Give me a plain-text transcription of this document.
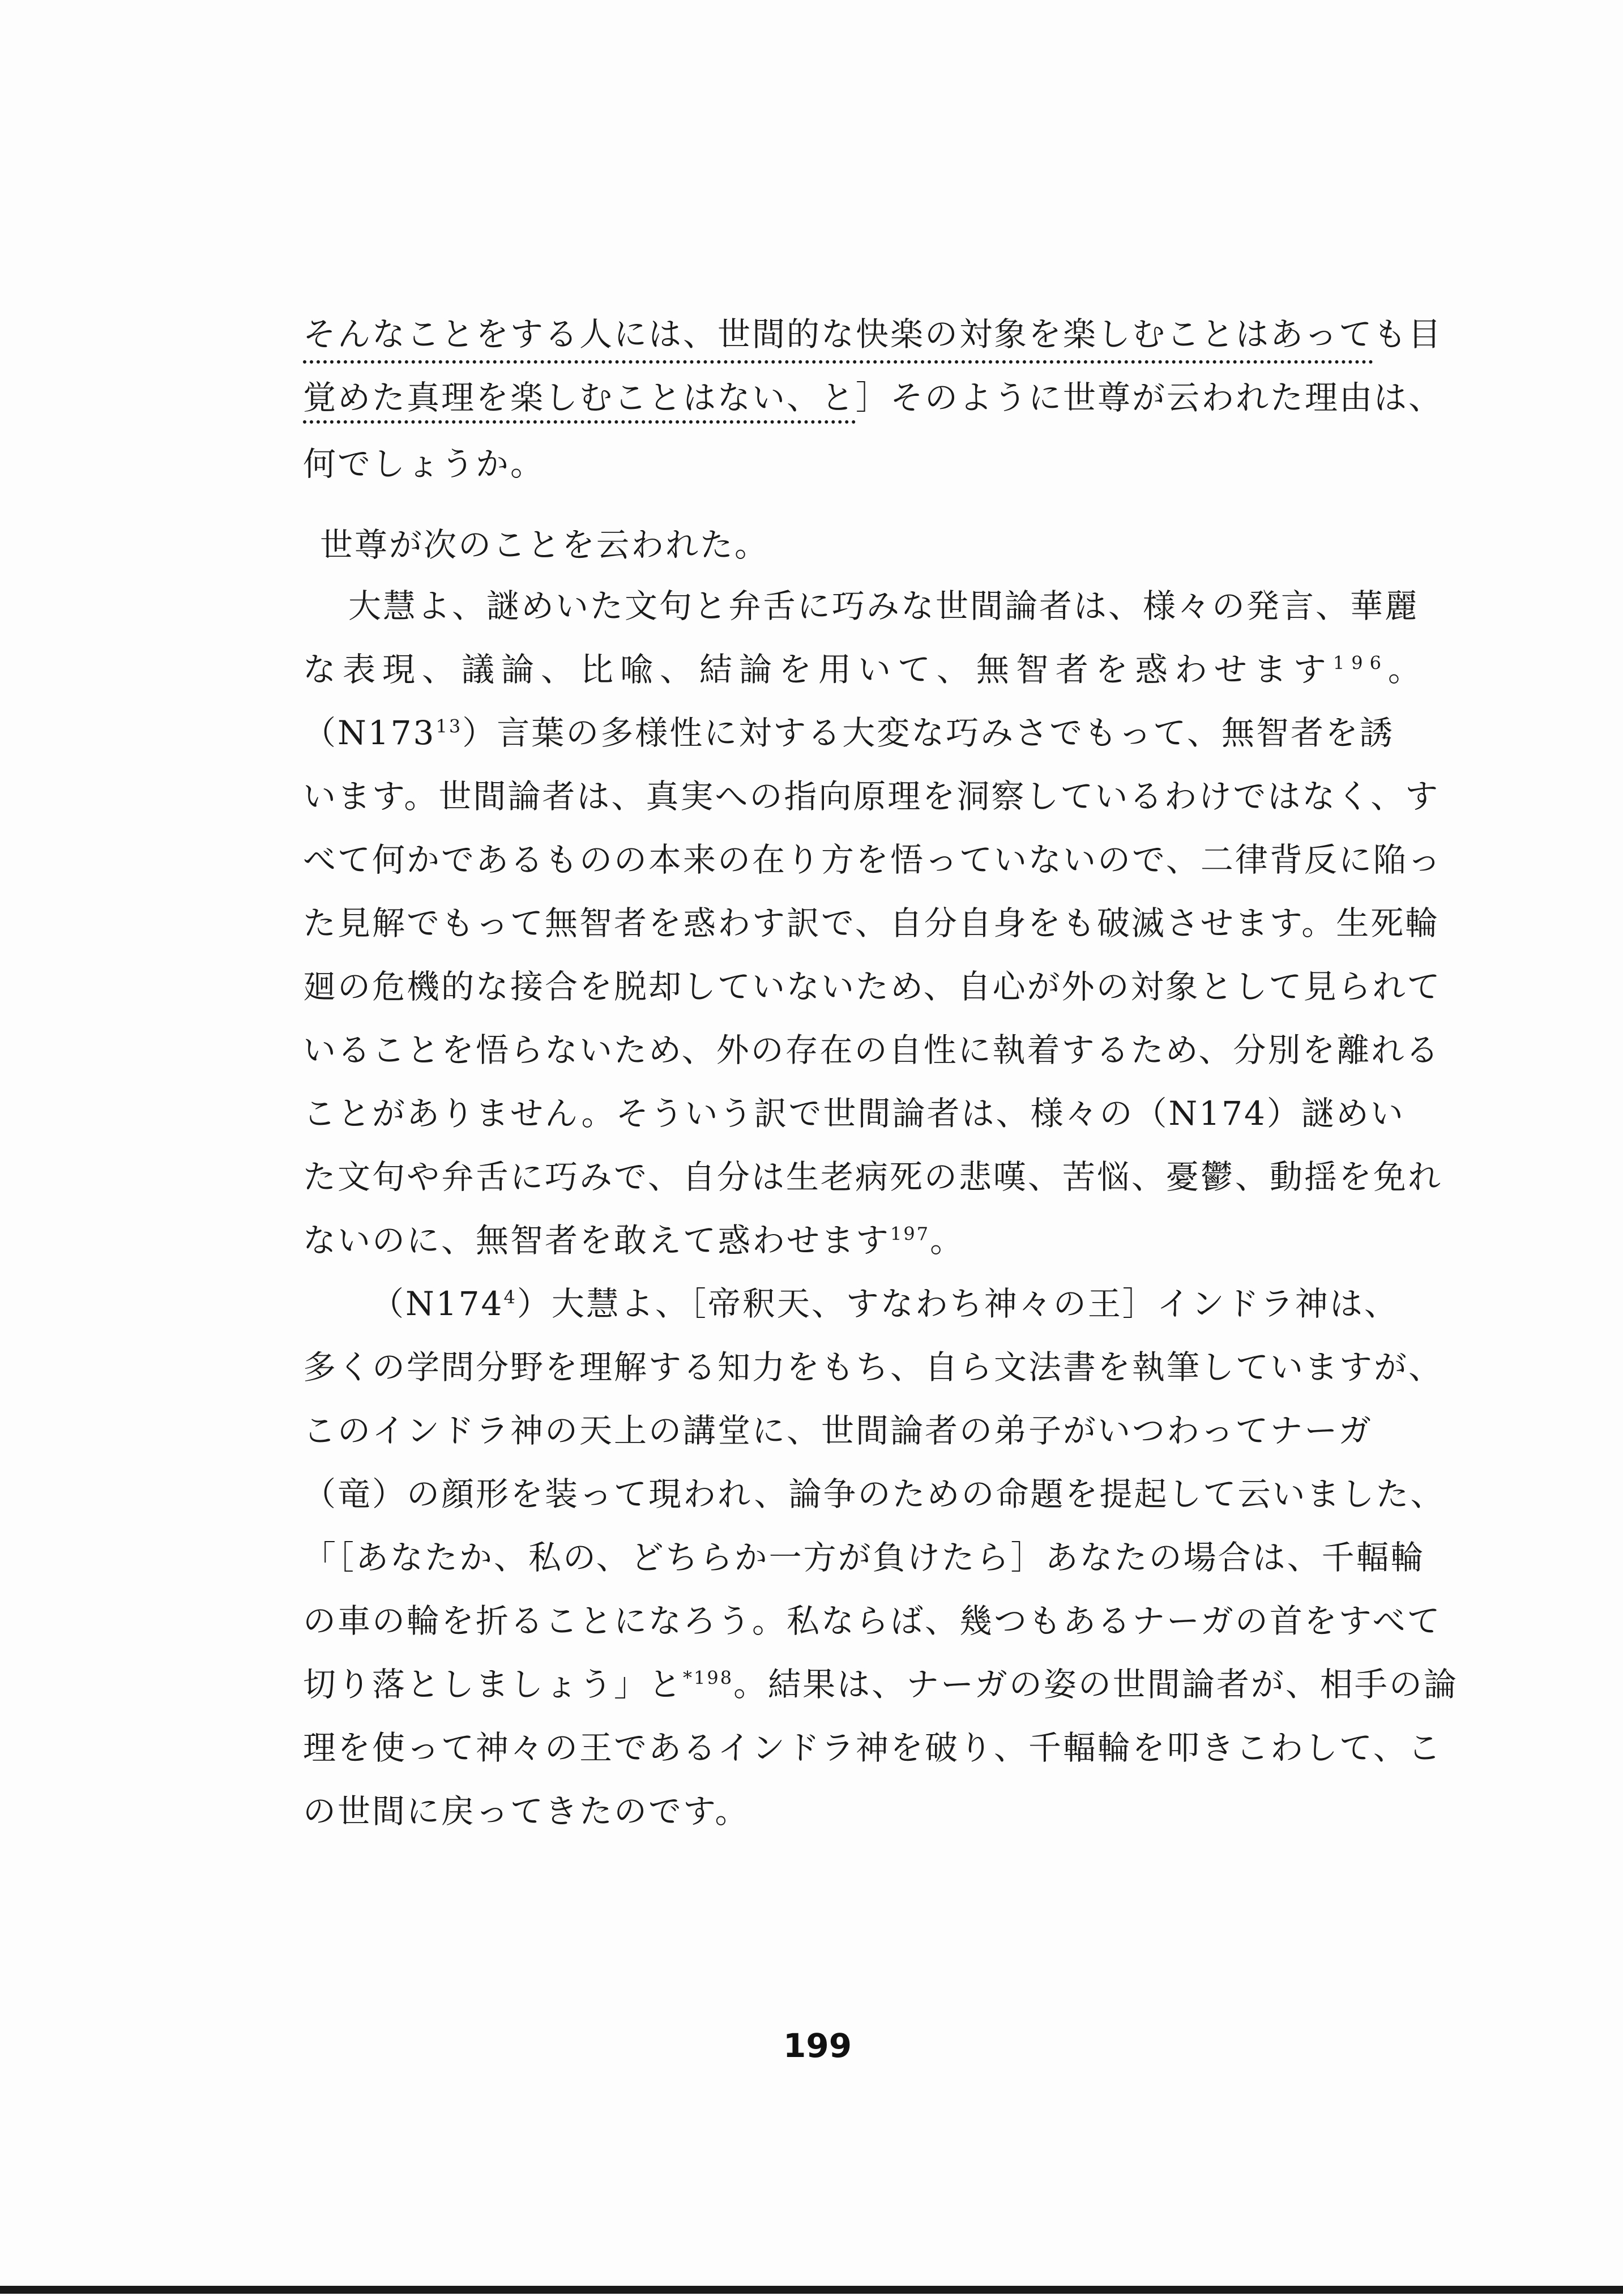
そんなことをする人には、世間的な快楽の対象を楽しむことはあっても目
覚めた真理を楽しむことはない、と］そのように世尊が云われた理由は、
何でしょうか。
世尊が次のことを云われた。
大慧よ、謎めいた文句と弁舌に巧みな世間論者は、様々の発言、華麗
な表現、議論、比喩、結論を用いて、無智者を惑わせます$^{196}$。
$(N173^{13})$言葉の多様性に対する大変な巧みさでもって、無智者を誘
います。世間論者は、真実への指向原理を洞察しているわけではなく、す
べて何かであるものの本来の在り方を悟っていないので、二律背反に陥っ
た見解でもって無智者を惑わす訳で、自分自身をも破滅させます。生死輪
廻の危機的な接合を脱却していないため、自心が外の対象として見られて
いることを悟らないため、外の存在の自性に執着するため、分別を離れる
ことがありません。そういう訳で世間論者は、様々の（N174）謎めい
た文句や弁舌に巧みで、自分は生老病死の悲嘆、苦悩、憂鬱、動揺を免れ
ないのに、無智者を敢えて惑わせます$^{197}$。
$(N174^4)$大慧よ、［帝釈天、すなわち神々の王］インドラ神は、
多くの学問分野を理解する知力をもち、自ら文法書を執筆していますが、
このインドラ神の天上の講堂に、世間論者の弟子がいつわってナーガ
（竜）の顔形を装って現われ、論争のための命題を提起して云いました、
「［あなたか、私の、どちらか一方が負けたら］あなたの場合は、千輻輪
の車の輪を折ることになろう。私ならば、幾つもあるナーガの首をすべて
切り落としましょう」と$^{*198}$。結果は、ナーガの姿の世間論者が、相手の論
理を使って神々の王であるインドラ神を破り、千輻輪を叩きこわして、こ
の世間に戻ってきたのです。
199
